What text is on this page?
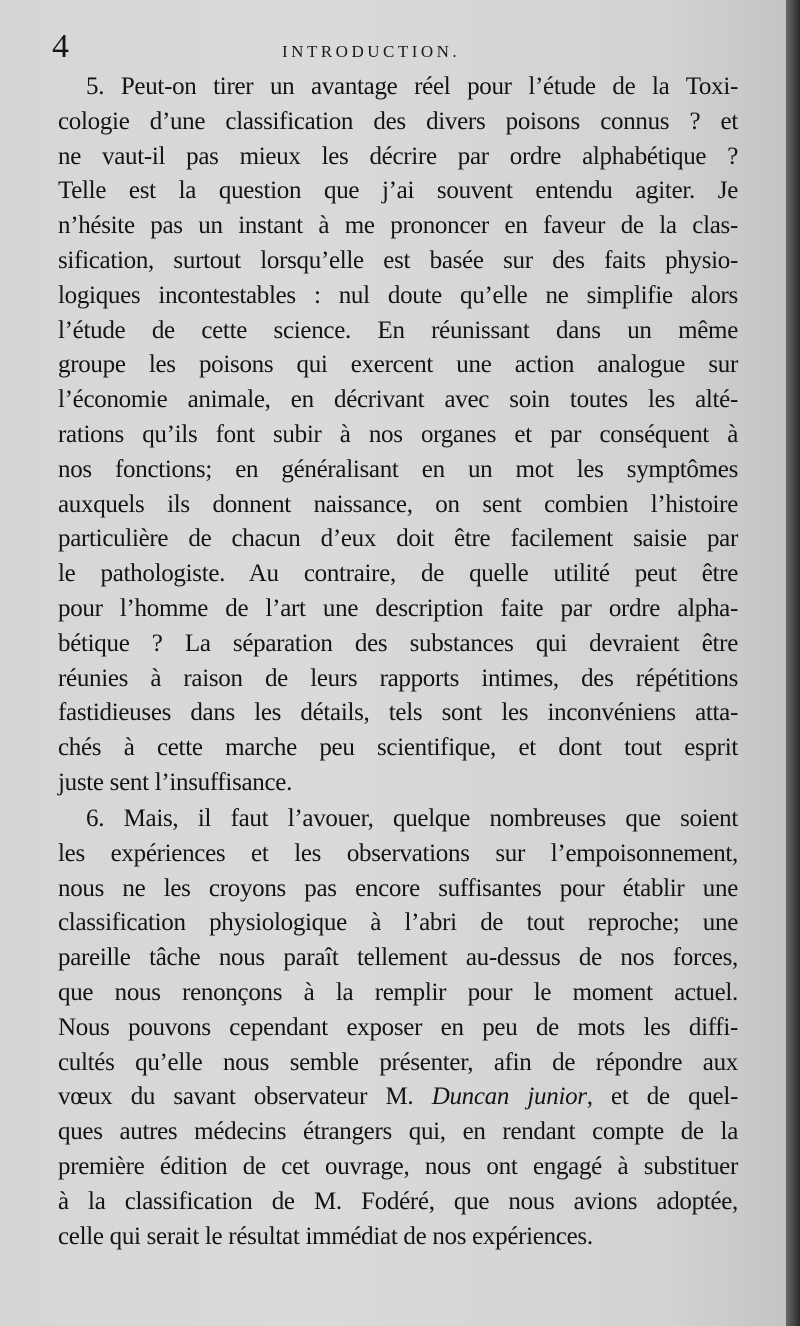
4	INTRODUCTION.

5. Peut-on tirer un avantage réel pour l’étude de la Toxi-
cologie d’une classification des divers poisons connus ? et
ne vaut-il pas mieux les décrire par ordre alphabétique ?
Telle est la question que j’ai souvent entendu agiter. Je
n’hésite pas un instant à me prononcer en faveur de la clas-
sification, surtout lorsqu’elle est basée sur des faits physio-
logiques incontestables : nul doute qu’elle ne simplifie alors
l’étude de cette science. En réunissant dans un même
groupe les poisons qui exercent une action analogue sur
l’économie animale, en décrivant avec soin toutes les alté-
rations qu’ils font subir à nos organes et par conséquent à
nos fonctions; en généralisant en un mot les symptômes
auxquels ils donnent naissance, on sent combien l’histoire
particulière de chacun d’eux doit être facilement saisie par
le pathologiste. Au contraire, de quelle utilité peut être
pour l’homme de l’art une description faite par ordre alpha-
bétique ? La séparation des substances qui devraient être
réunies à raison de leurs rapports intimes, des répétitions
fastidieuses dans les détails, tels sont les inconvéniens atta-
chés à cette marche peu scientifique, et dont tout esprit
juste sent l’insuffisance.

6. Mais, il faut l’avouer, quelque nombreuses que soient
les expériences et les observations sur l’empoisonnement,
nous ne les croyons pas encore suffisantes pour établir une
classification physiologique à l’abri de tout reproche; une
pareille tâche nous paraît tellement au-dessus de nos forces,
que nous renonçons à la remplir pour le moment actuel.
Nous pouvons cependant exposer en peu de mots les diffi-
cultés qu’elle nous semble présenter, afin de répondre aux
vœux du savant observateur M. Duncan junior, et de quel-
ques autres médecins étrangers qui, en rendant compte de la
première édition de cet ouvrage, nous ont engagé à substituer
à la classification de M. Fodéré, que nous avions adoptée,
celle qui serait le résultat immédiat de nos expériences.
